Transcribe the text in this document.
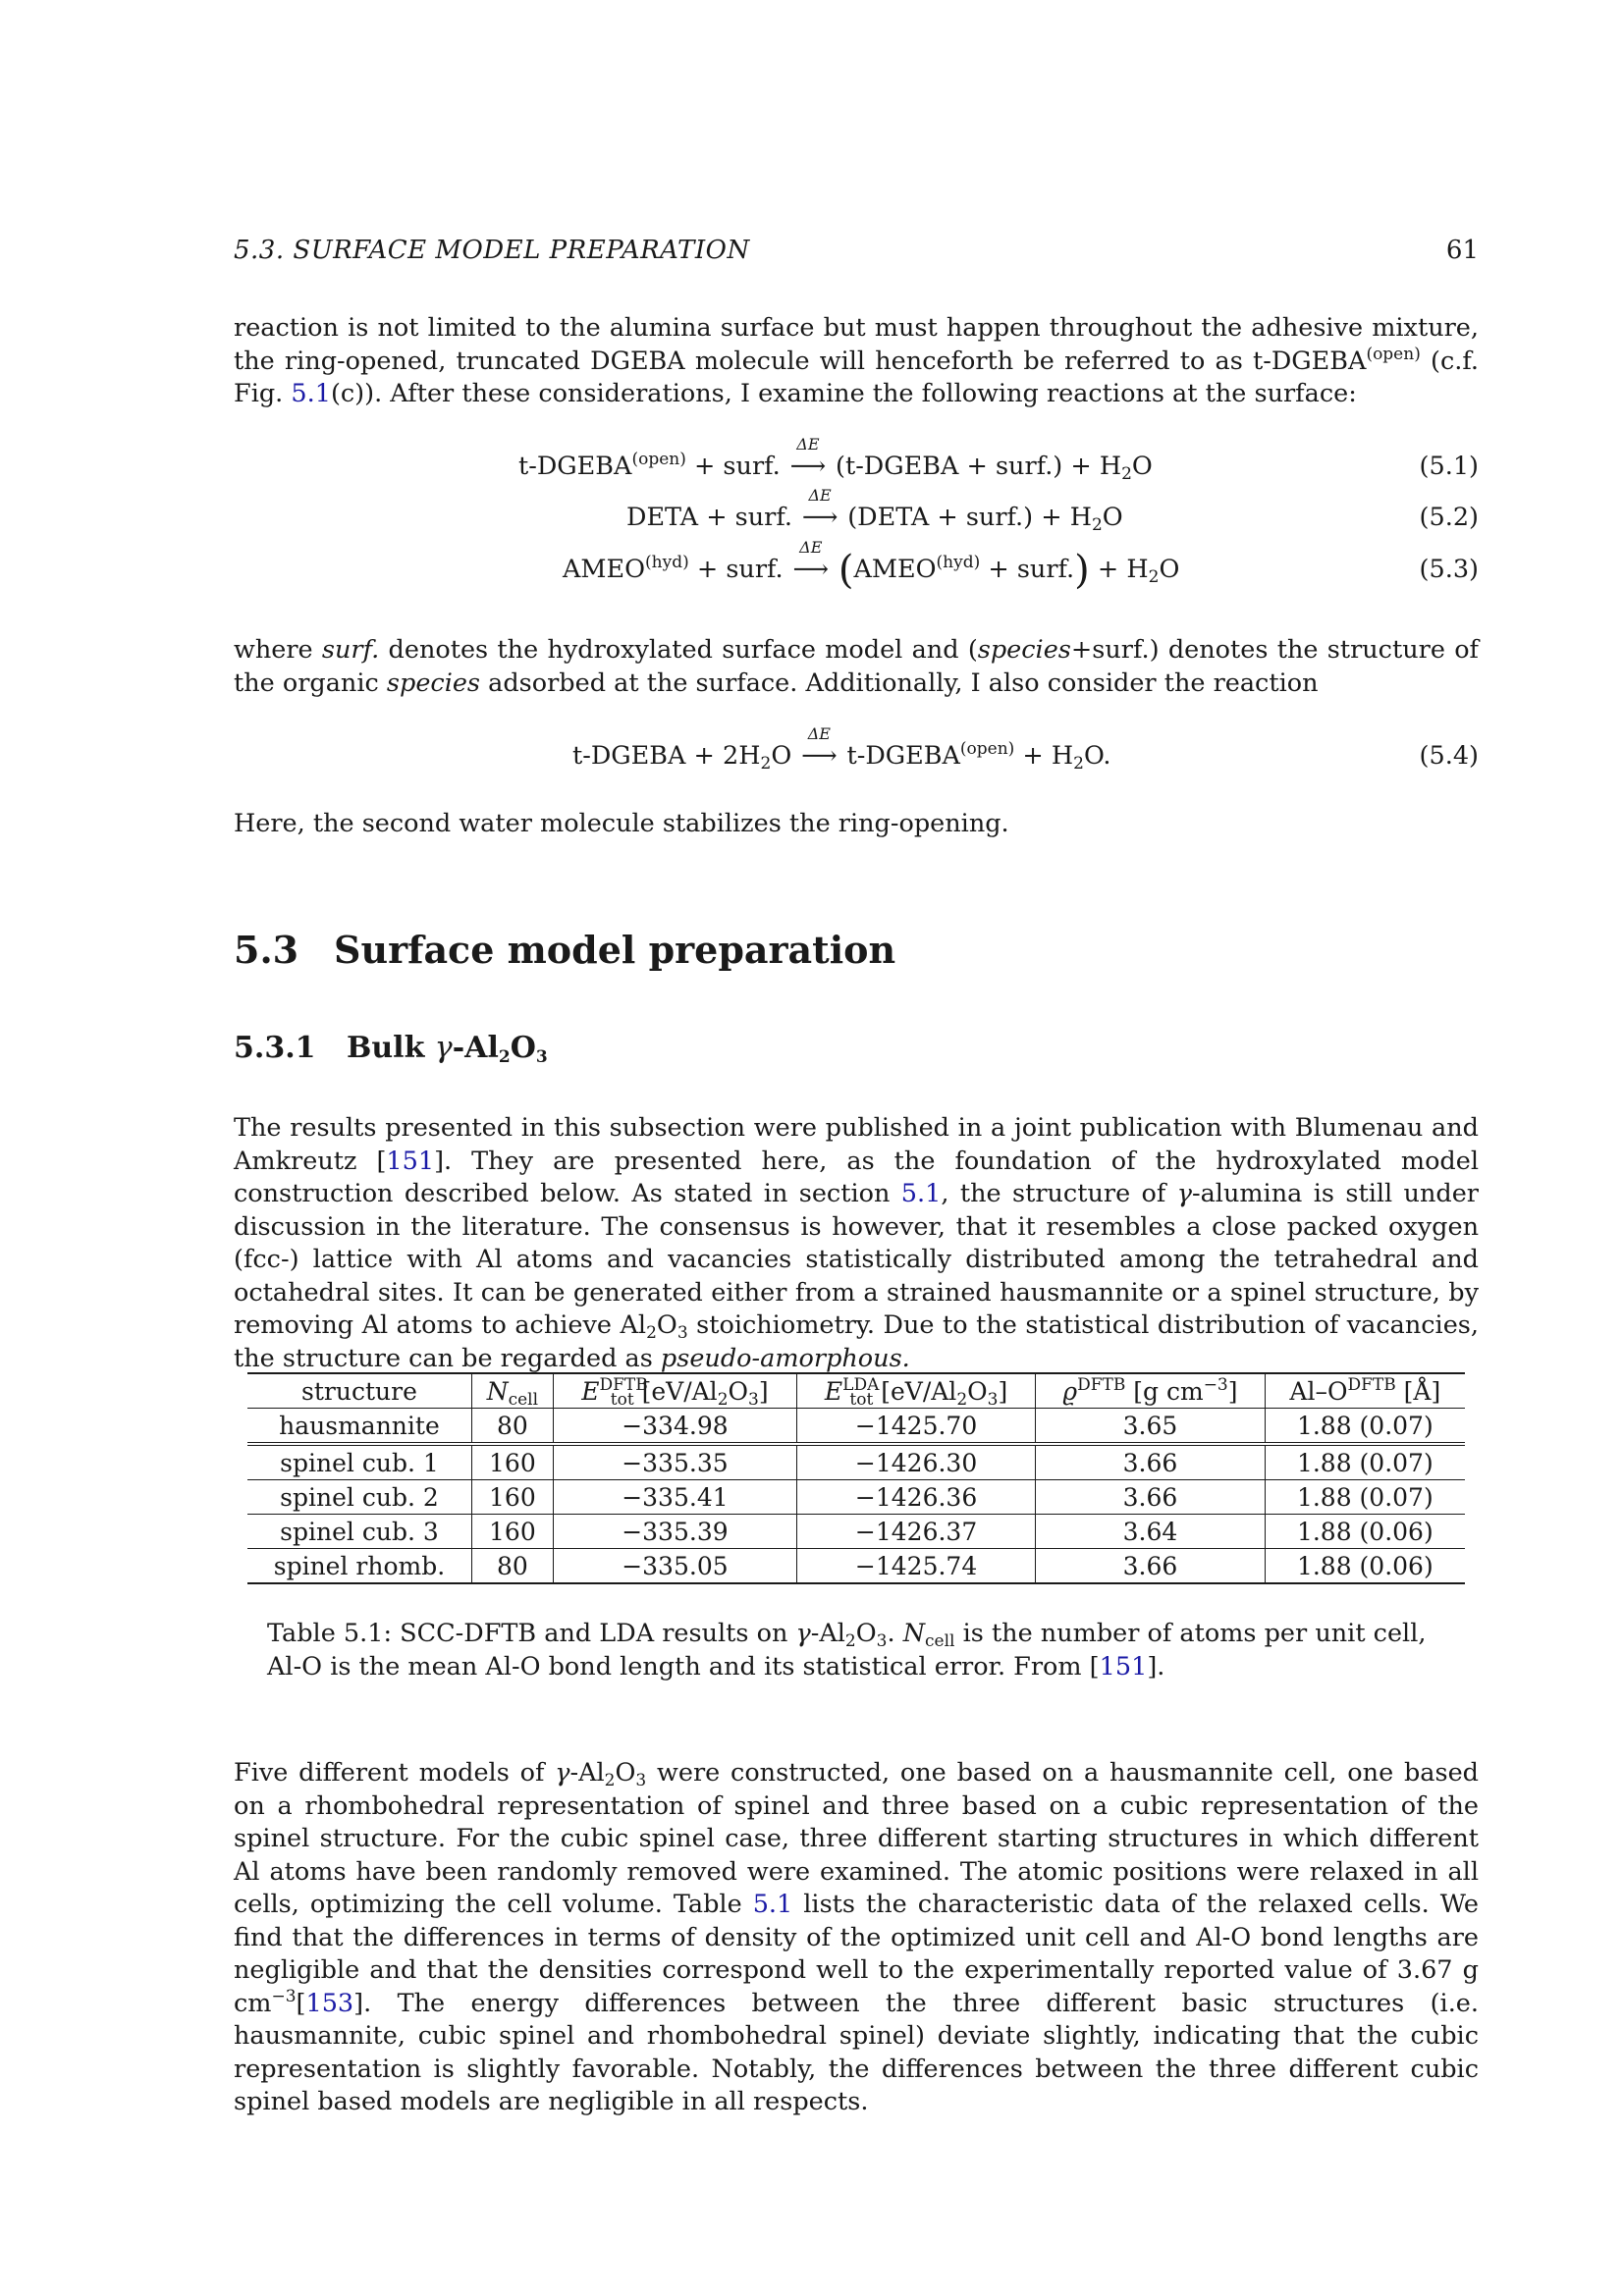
5.3. SURFACE MODEL PREPARATION	61

reaction is not limited to the alumina surface but must happen throughout the adhesive mixture, the ring-opened, truncated DGEBA molecule will henceforth be referred to as $t-DGEBA^{(open)}$ (c.f. Fig. 5.1(c)). After these considerations, I examine the following reactions at the surface:

$t-DGEBA^{(open)}$ + surf.
ΔE
⟶ (t-DGEBA + surf.) + $H_2O$	(5.1)
DETA + surf.
ΔE
⟶ (DETA + surf.) + $H_2O$	(5.2)
$AMEO^{(hyd)}$ + surf.
ΔE
⟶ ($AMEO^{(hyd)}$ + surf.) + $H_2O$	(5.3)

where surf. denotes the hydroxylated surface model and (species+surf.) denotes the structure of the organic species adsorbed at the surface. Additionally, I also consider the reaction

t-DGEBA + $2H_2O$
ΔE
⟶ $t-DGEBA^{(open)} + H_2O$.	(5.4)
Here, the second water molecule stabilizes the ring-opening.
5.3 Surface model preparation
5.3.1 Bulk $\gamma-Al_2O_3$

The results presented in this subsection were published in a joint publication with Blumenau and Amkreutz [151]. They are presented here, as the foundation of the hydroxylated model construction described below. As stated in section 5.1, the structure of γ-alumina is still under discussion in the literature. The consensus is however, that it resembles a close packed oxygen (fcc-) lattice with Al atoms and vacancies statistically distributed among the tetrahedral and octahedral sites. It can be generated either from a strained hausmannite or a spinel structure, by removing Al atoms to achieve $Al_2O_3$ stoichiometry. Due to the statistical distribution of vacancies, the structure can be regarded as pseudo-amorphous.

structure	$N_{cell}$	$E^{DFTB}_{tot}$ $[eV/Al_2O_3]$	$E^{LDA}_{tot}$ $[eV/Al_2O_3]$	$ϱ^{DFTB}$ [g $cm^{-3}$]	$Al-O^{DFTB}$ [Å]
hausmannite	80	−334.98	−1425.70	3.65	1.88 (0.07)
spinel cub. 1	160	−335.35	−1426.30	3.66	1.88 (0.07)
spinel cub. 2	160	−335.41	−1426.36	3.66	1.88 (0.07)
spinel cub. 3	160	−335.39	−1426.37	3.64	1.88 (0.06)
spinel rhomb.	80	−335.05	−1425.74	3.66	1.88 (0.06)

Table 5.1: SCC-DFTB and LDA results on $\gamma-Al_2O_3$. $N_{cell}$ is the number of atoms per unit cell, Al-O is the mean Al-O bond length and its statistical error. From [151].

Five different models of $\gamma-Al_2O_3$ were constructed, one based on a hausmannite cell, one based on a rhombohedral representation of spinel and three based on a cubic representation of the spinel structure. For the cubic spinel case, three different starting structures in which different Al atoms have been randomly removed were examined. The atomic positions were relaxed in all cells, optimizing the cell volume. Table 5.1 lists the characteristic data of the relaxed cells. We find that the differences in terms of density of the optimized unit cell and Al-O bond lengths are negligible and that the densities correspond well to the experimentally reported value of 3.67 g $cm^{-3}[153]$. The energy differences between the three different basic structures (i.e. hausmannite, cubic spinel and rhombohedral spinel) deviate slightly, indicating that the cubic representation is slightly favorable. Notably, the differences between the three different cubic spinel based models are negligible in all respects.
